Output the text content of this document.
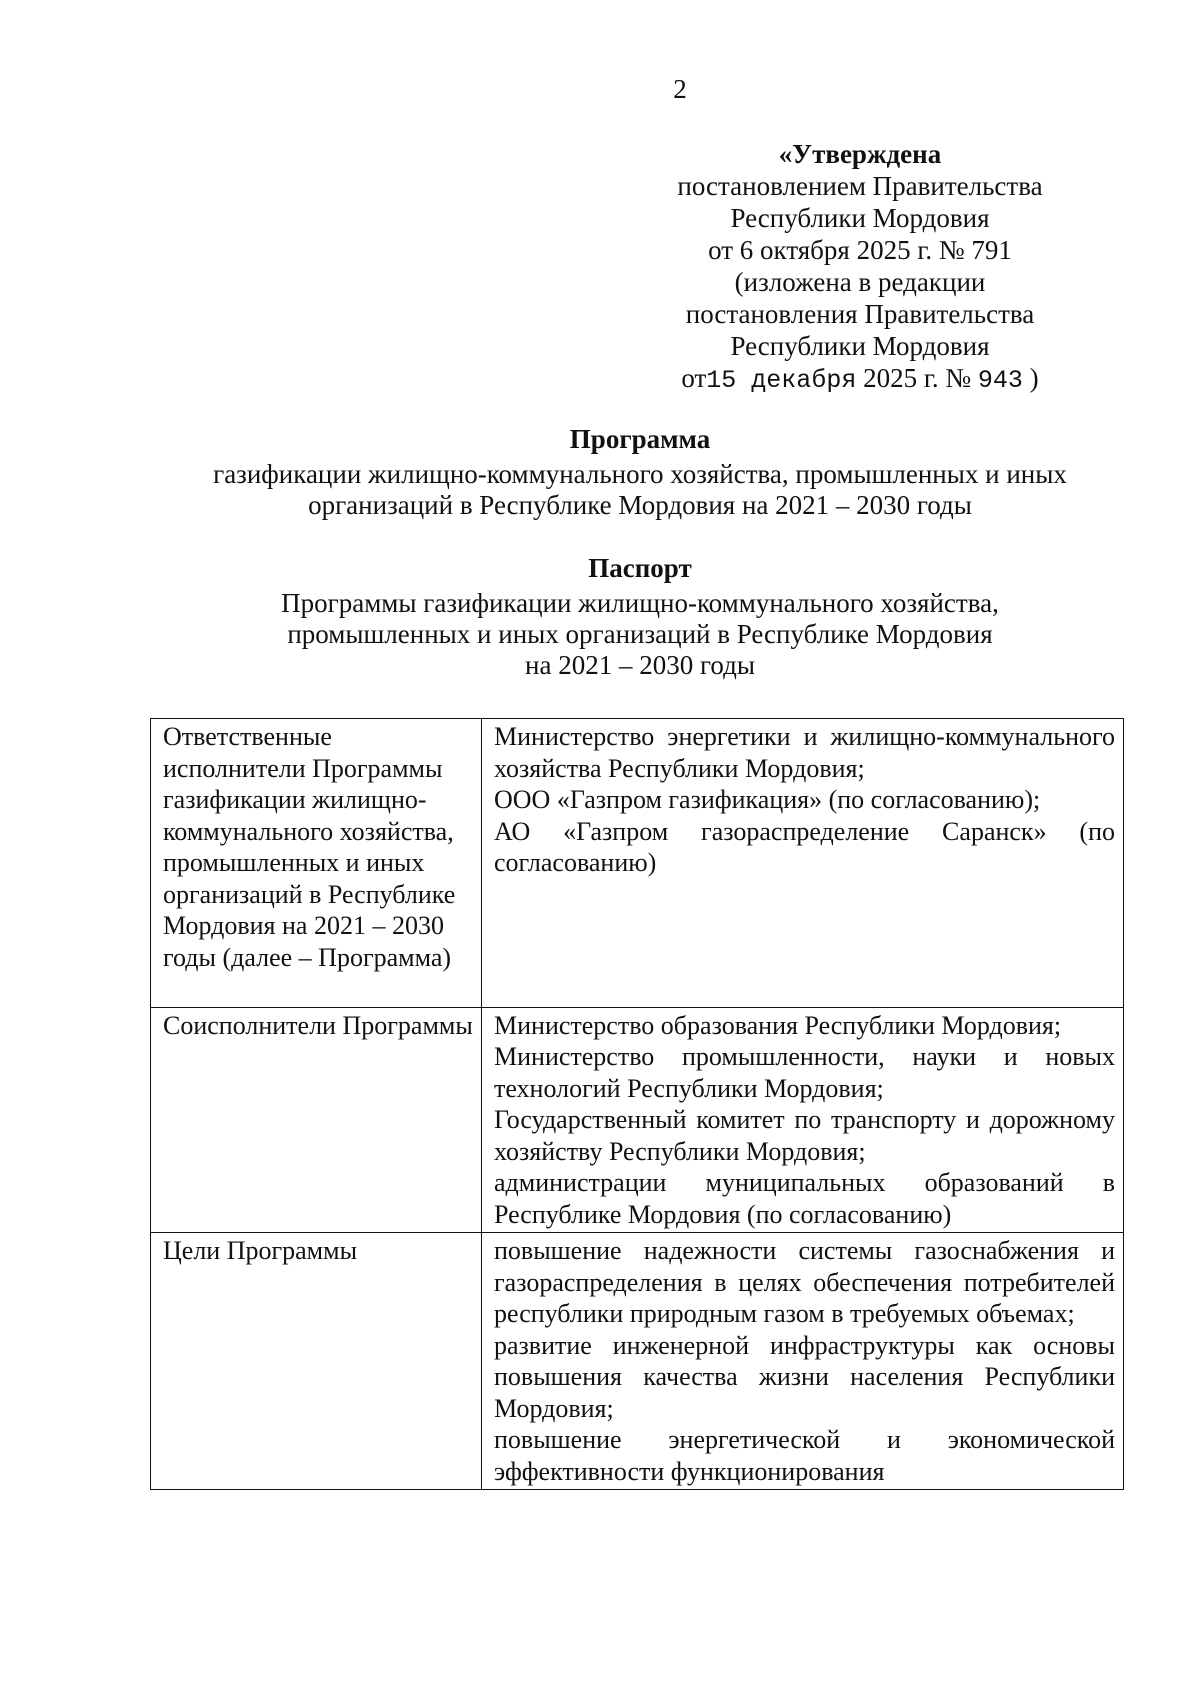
2
«Утверждена
постановлением Правительства
Республики Мордовия
от 6 октября 2025 г. № 791
(изложена в редакции
постановления Правительства
Республики Мордовия
от15 декабря 2025 г. № 943 )
Программа
газификации жилищно-коммунального хозяйства, промышленных и иных
организаций в Республике Мордовия на 2021 – 2030 годы
Паспорт
Программы газификации жилищно-коммунального хозяйства,
промышленных и иных организаций в Республике Мордовия
на 2021 – 2030 годы
Ответственные исполнители Программы газификации жилищно-коммунального хозяйства, промышленных и иных организаций в Республике Мордовия на 2021 – 2030 годы (далее – Программа)	Министерство энергетики и жилищно-коммунального хозяйства Республики Мордовия;
ООО «Газпром газификация» (по согласованию);
АО «Газпром газораспределение Саранск» (по согласованию)

Соисполнители Программы	Министерство образования Республики Мордовия;
Министерство промышленности, науки и новых технологий Республики Мордовия;
Государственный комитет по транспорту и дорожному хозяйству Республики Мордовия;
администрации муниципальных образований в Республике Мордовия (по согласованию)

Цели Программы	повышение надежности системы газоснабжения и газораспределения в целях обеспечения потребителей республики природным газом в требуемых объемах;
развитие инженерной инфраструктуры как основы повышения качества жизни населения Республики Мордовия;
повышение энергетической и экономической эффективности функционирования
